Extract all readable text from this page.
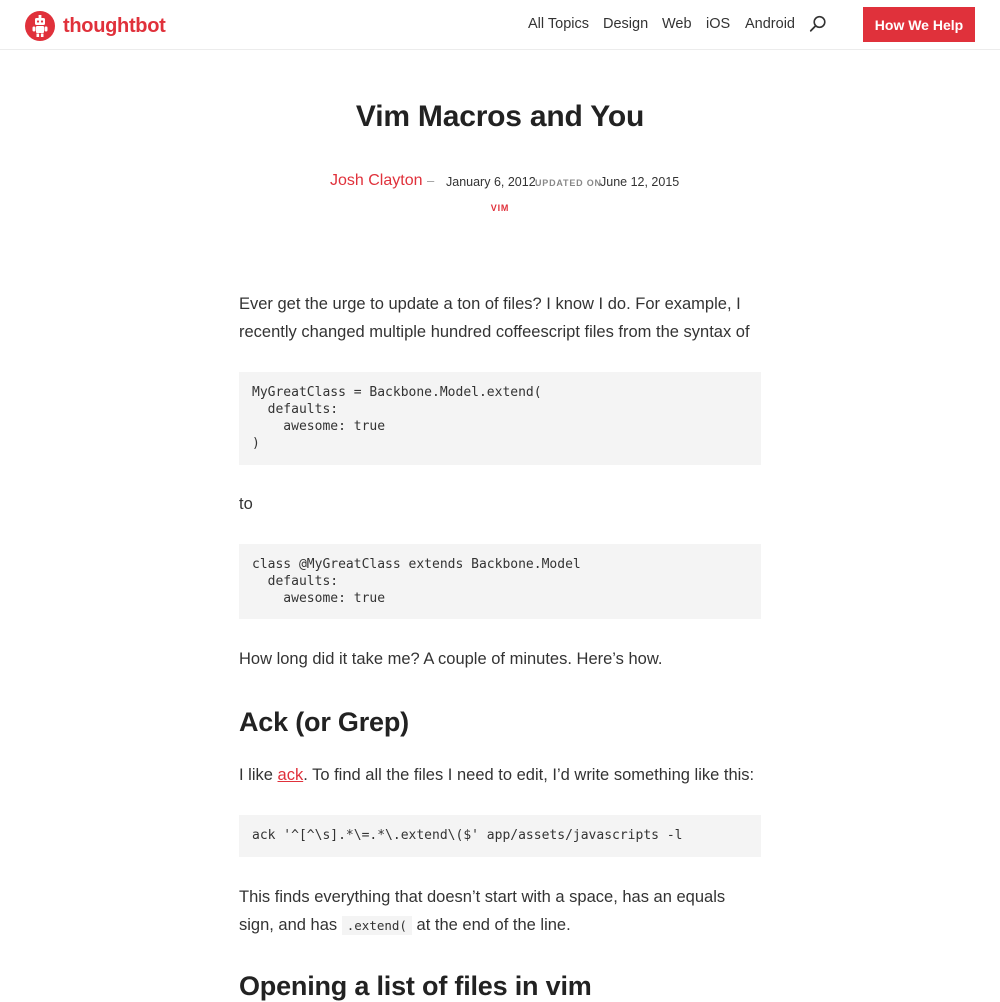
thoughtbot	All Topics Design Web iOS Android	How We Help
Vim Macros and You
Josh Clayton – January 6, 2012 UPDATED ON
June 12, 2015
VIM

Ever get the urge to update a ton of files? I know I do. For example, I recently changed multiple hundred coffeescript files from the syntax of

MyGreatClass = Backbone.Model.extend(
defaults:
awesome: true
)

to

class @MyGreatClass extends Backbone.Model
defaults:
awesome: true

How long did it take me? A couple of minutes. Here’s how.

Ack (or Grep)

I like ack. To find all the files I need to edit, I’d write something like this:

ack '^[^\s].*\=.*\.extend\($' app/assets/javascripts -l

This finds everything that doesn’t start with a space, has an equals sign, and has .extend( at the end of the line.

Opening a list of files in vim
